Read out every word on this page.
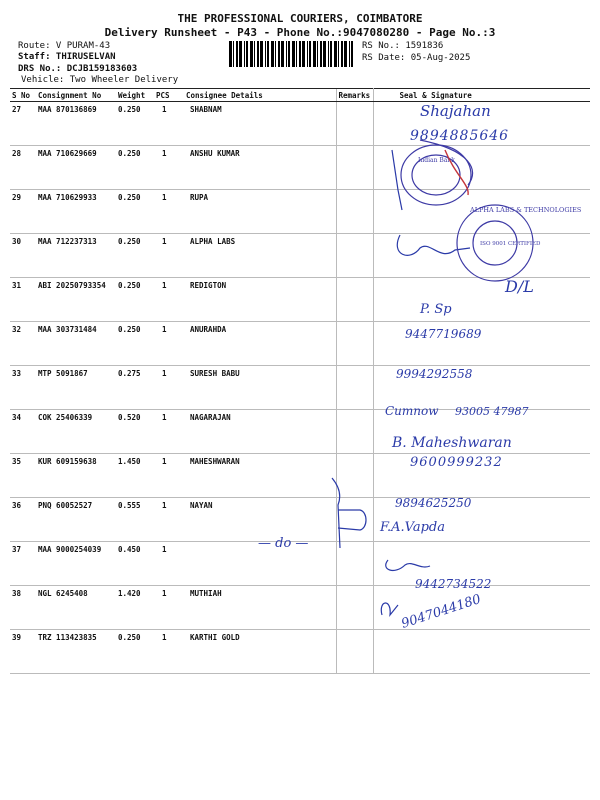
THE PROFESSIONAL COURIERS, COIMBATORE
Delivery Runsheet - P43 - Phone No.:9047080280 - Page No.:3
Route: V PURAM-43
Staff: THIRUSELVAN
DRS No.: DCJB159183603
Vehicle: Two Wheeler Delivery
RS No.: 1591836
RS Date: 05-Aug-2025
S No	Consignment No	Weight	PCS	Consignee Details	Remarks	Seal & Signature
27	MAA 870136869	0.250	1	SHABNAM		
28	MAA 710629669	0.250	1	ANSHU KUMAR		
29	MAA 710629933	0.250	1	RUPA		
30	MAA 712237313	0.250	1	ALPHA LABS		
31	ABI 20250793354	0.250	1	REDIGTON		
32	MAA 303731484	0.250	1	ANURAHDA		
33	MTP 5091867	0.275	1	SURESH BABU		
34	COK 25406339	0.520	1	NAGARAJAN		
35	KUR 609159638	1.450	1	MAHESHWARAN		
36	PNQ 60052527	0.555	1	NAYAN		
37	MAA 9000254039	0.450	1			
38	NGL 6245408	1.420	1	MUTHIAH		
39	TRZ 113423835	0.250	1	KARTHI GOLD		
Shajahan
9894885646
Indian Bank
ALPHA LABS & TECHNOLOGIES
ISO 9001 CERTIFIED
D/L
P. Sp
9447719689
9994292558
Cumnow 93005 47987
B. Maheshwaran
9600999232
9894625250
F.A.Vapda
— do —
9442734522
9047044180
